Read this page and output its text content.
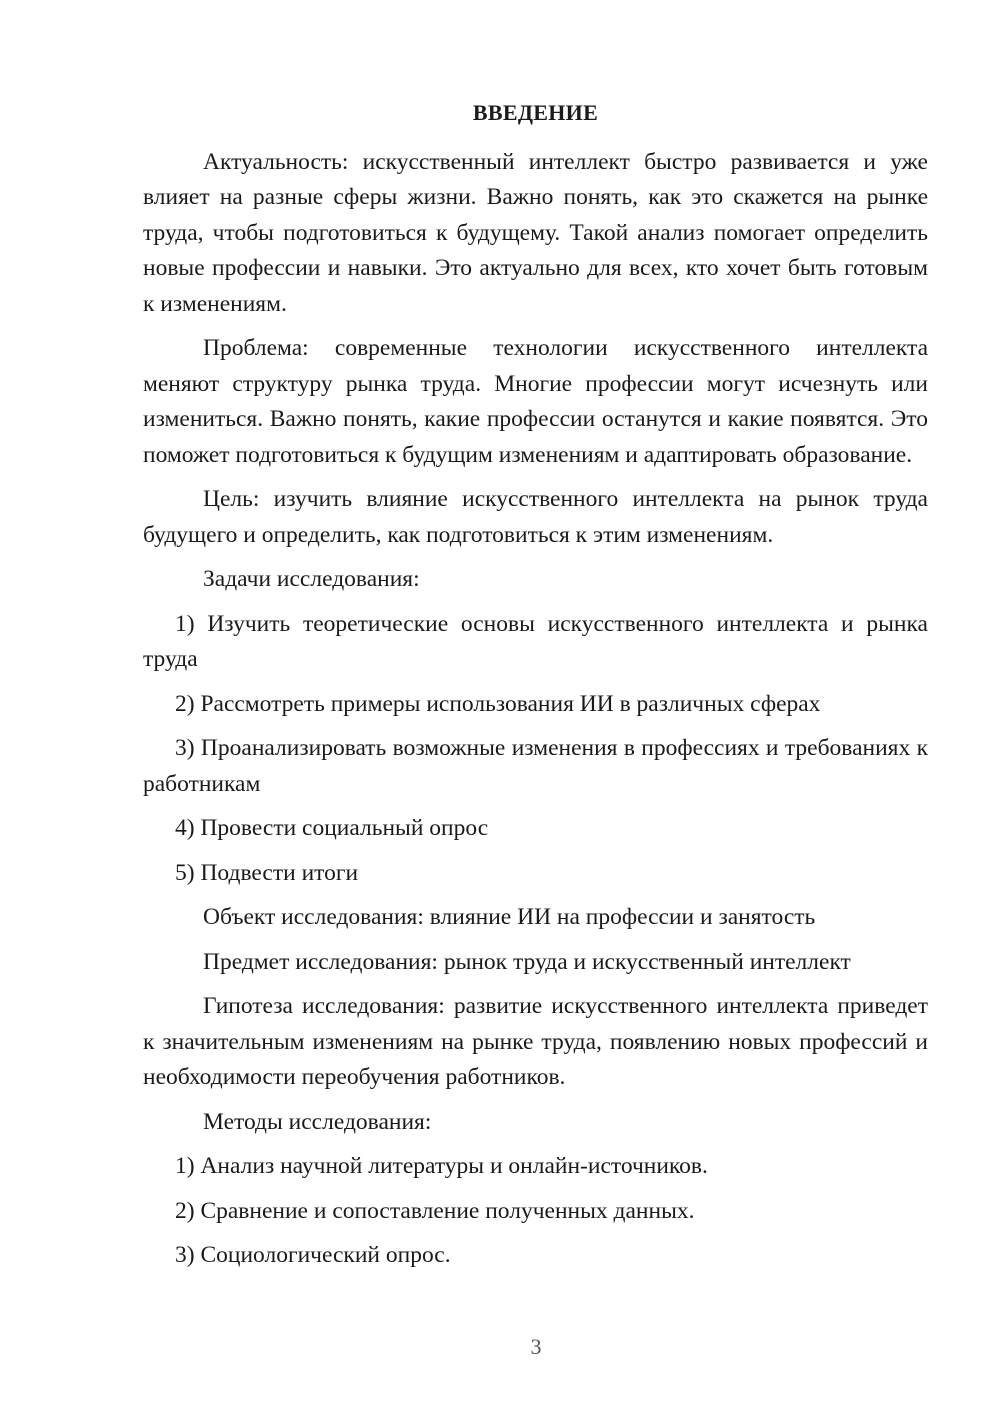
ВВЕДЕНИЕ

Актуальность: искусственный интеллект быстро развивается и уже влияет на разные сферы жизни. Важно понять, как это скажется на рынке труда, чтобы подготовиться к будущему. Такой анализ помогает определить новые профессии и навыки. Это актуально для всех, кто хочет быть готовым к изменениям.

Проблема: современные технологии искусственного интеллекта меняют структуру рынка труда. Многие профессии могут исчезнуть или измениться. Важно понять, какие профессии останутся и какие появятся. Это поможет подготовиться к будущим изменениям и адаптировать образование.

Цель: изучить влияние искусственного интеллекта на рынок труда будущего и определить, как подготовиться к этим изменениям.

Задачи исследования:

1) Изучить теоретические основы искусственного интеллекта и рынка труда

2) Рассмотреть примеры использования ИИ в различных сферах

3) Проанализировать возможные изменения в профессиях и требованиях к работникам

4) Провести социальный опрос

5) Подвести итоги

Объект исследования: влияние ИИ на профессии и занятость

Предмет исследования: рынок труда и искусственный интеллект

Гипотеза исследования: развитие искусственного интеллекта приведет к значительным изменениям на рынке труда, появлению новых профессий и необходимости переобучения работников.

Методы исследования:

1) Анализ научной литературы и онлайн-источников.

2) Сравнение и сопоставление полученных данных.

3) Социологический опрос.

3
